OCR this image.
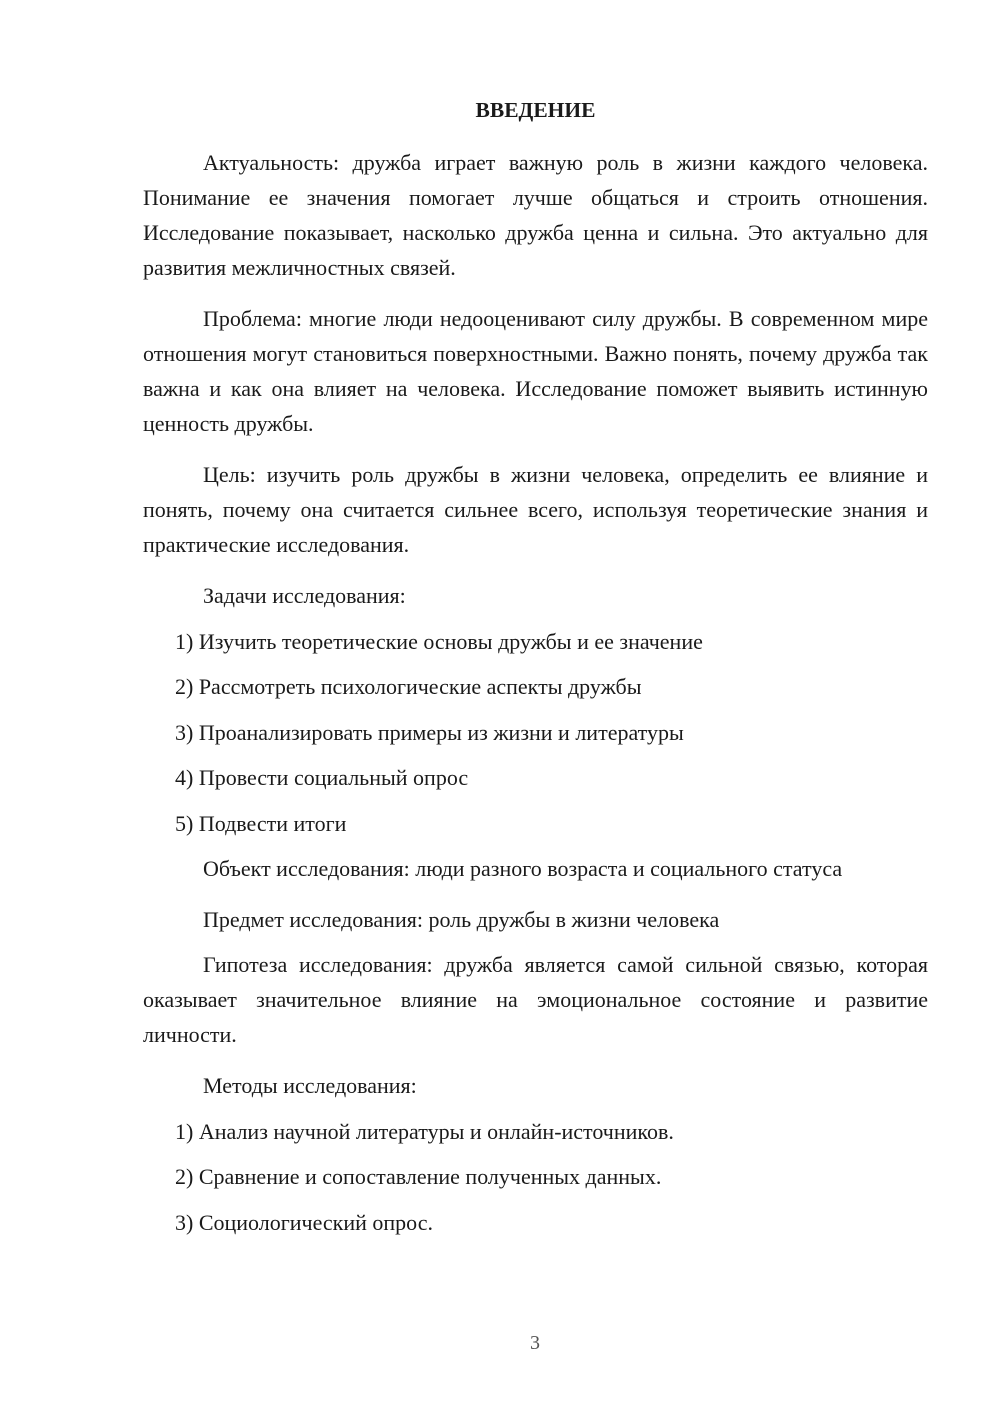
ВВЕДЕНИЕ

Актуальность: дружба играет важную роль в жизни каждого человека. Понимание ее значения помогает лучше общаться и строить отношения. Исследование показывает, насколько дружба ценна и сильна. Это актуально для развития межличностных связей.

Проблема: многие люди недооценивают силу дружбы. В современном мире отношения могут становиться поверхностными. Важно понять, почему дружба так важна и как она влияет на человека. Исследование поможет выявить истинную ценность дружбы.

Цель: изучить роль дружбы в жизни человека, определить ее влияние и понять, почему она считается сильнее всего, используя теоретические знания и практические исследования.

Задачи исследования:
1) Изучить теоретические основы дружбы и ее значение
2) Рассмотреть психологические аспекты дружбы
3) Проанализировать примеры из жизни и литературы
4) Провести социальный опрос
5) Подвести итоги

Объект исследования: люди разного возраста и социального статуса

Предмет исследования: роль дружбы в жизни человека

Гипотеза исследования: дружба является самой сильной связью, которая оказывает значительное влияние на эмоциональное состояние и развитие личности.

Методы исследования:
1) Анализ научной литературы и онлайн-источников.
2) Сравнение и сопоставление полученных данных.
3) Социологический опрос.
3
